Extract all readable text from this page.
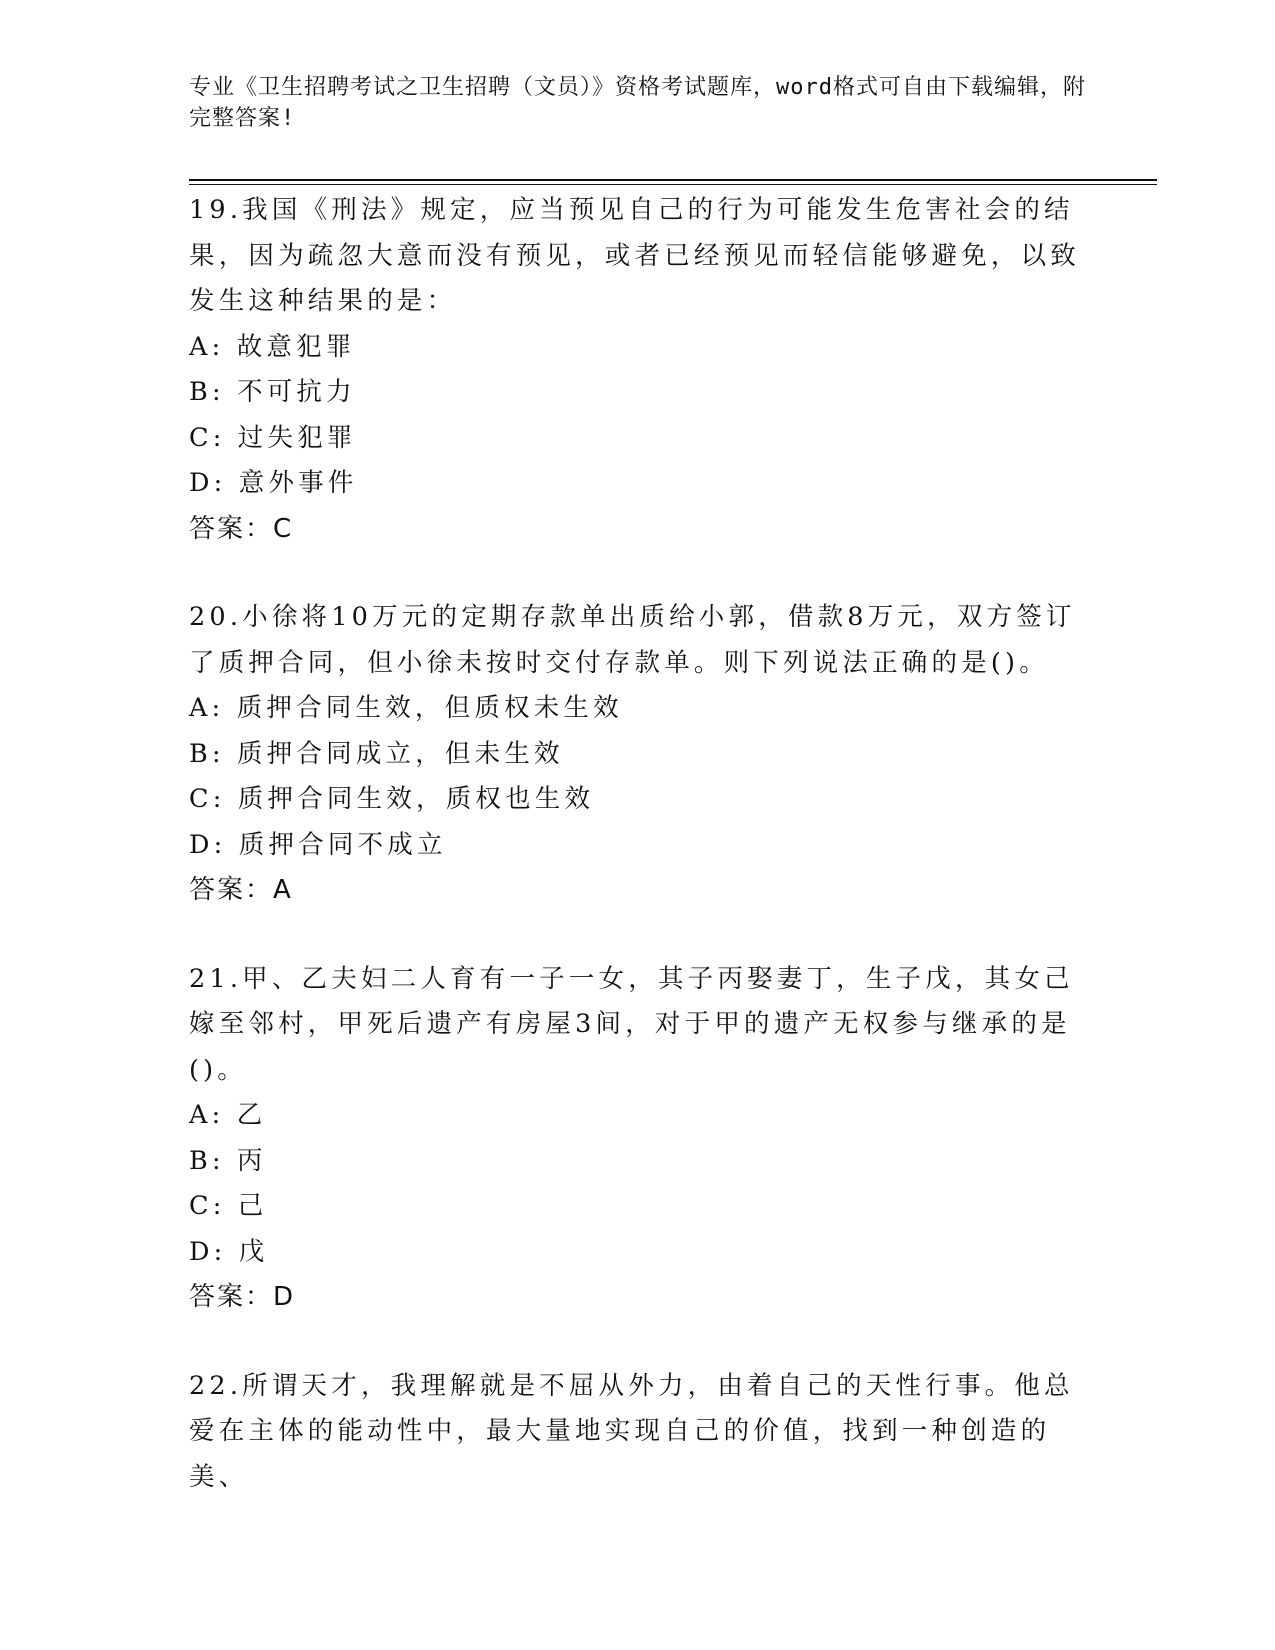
专业《卫生招聘考试之卫生招聘（文员）》资格考试题库，word格式可自由下载编辑，附完整答案!

19.我国《刑法》规定，应当预见自己的行为可能发生危害社会的结果，因为疏忽大意而没有预见，或者已经预见而轻信能够避免，以致发生这种结果的是：

A: 故意犯罪

B: 不可抗力

C: 过失犯罪

D: 意外事件

答案：C

20.小徐将10万元的定期存款单出质给小郭，借款8万元，双方签订了质押合同，但小徐未按时交付存款单。则下列说法正确的是()。

A: 质押合同生效，但质权未生效

B: 质押合同成立，但未生效

C: 质押合同生效，质权也生效

D: 质押合同不成立

答案：A

21.甲、乙夫妇二人育有一子一女，其子丙娶妻丁，生子戊，其女己嫁至邻村，甲死后遗产有房屋3间，对于甲的遗产无权参与继承的是()。

A: 乙

B: 丙

C: 己

D: 戊

答案：D

22.所谓天才，我理解就是不屈从外力，由着自己的天性行事。他总爱在主体的能动性中，最大量地实现自己的价值，找到一种创造的美、
